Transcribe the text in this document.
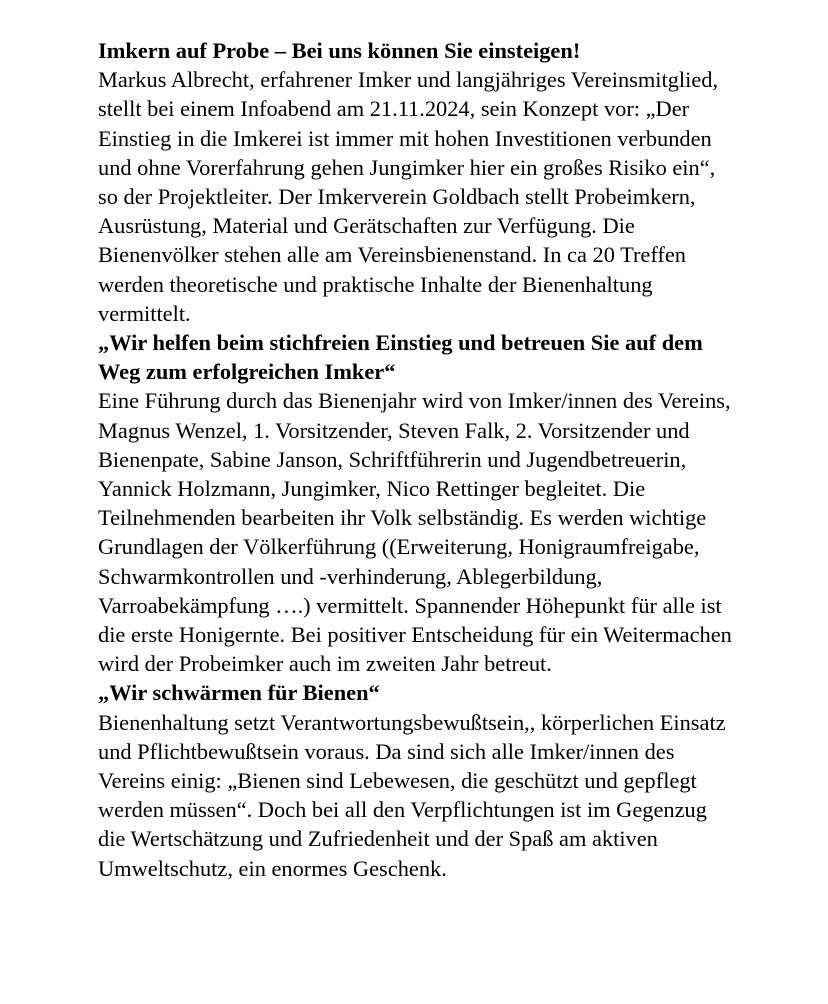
Imkern auf Probe – Bei uns können Sie einsteigen!

Markus Albrecht, erfahrener Imker und langjähriges Vereinsmitglied, stellt bei einem Infoabend am 21.11.2024, sein Konzept vor: „Der Einstieg in die Imkerei ist immer mit hohen Investitionen verbunden und ohne Vorerfahrung gehen Jungimker hier ein großes Risiko ein“, so der Projektleiter. Der Imkerverein Goldbach stellt Probeimkern, Ausrüstung, Material und Gerätschaften zur Verfügung. Die Bienenvölker stehen alle am Vereinsbienenstand. In ca 20 Treffen werden theoretische und praktische Inhalte der Bienenhaltung vermittelt.

„Wir helfen beim stichfreien Einstieg und betreuen Sie auf dem Weg zum erfolgreichen Imker“

Eine Führung durch das Bienenjahr wird von Imker/innen des Vereins, Magnus Wenzel, 1. Vorsitzender, Steven Falk, 2. Vorsitzender und Bienenpate, Sabine Janson, Schriftführerin und Jugendbetreuerin, Yannick Holzmann, Jungimker, Nico Rettinger begleitet. Die Teilnehmenden bearbeiten ihr Volk selbständig. Es werden wichtige Grundlagen der Völkerführung ((Erweiterung, Honigraumfreigabe, Schwarmkontrollen und -verhinderung, Ablegerbildung, Varroabekämpfung ….) vermittelt. Spannender Höhepunkt für alle ist die erste Honigernte. Bei positiver Entscheidung für ein Weitermachen wird der Probeimker auch im zweiten Jahr betreut.

„Wir schwärmen für Bienen“

Bienenhaltung setzt Verantwortungsbewußtsein,, körperlichen Einsatz und Pflichtbewußtsein voraus. Da sind sich alle Imker/innen des Vereins einig: „Bienen sind Lebewesen, die geschützt und gepflegt werden müssen“. Doch bei all den Verpflichtungen ist im Gegenzug die Wertschätzung und Zufriedenheit und der Spaß am aktiven Umweltschutz, ein enormes Geschenk.
